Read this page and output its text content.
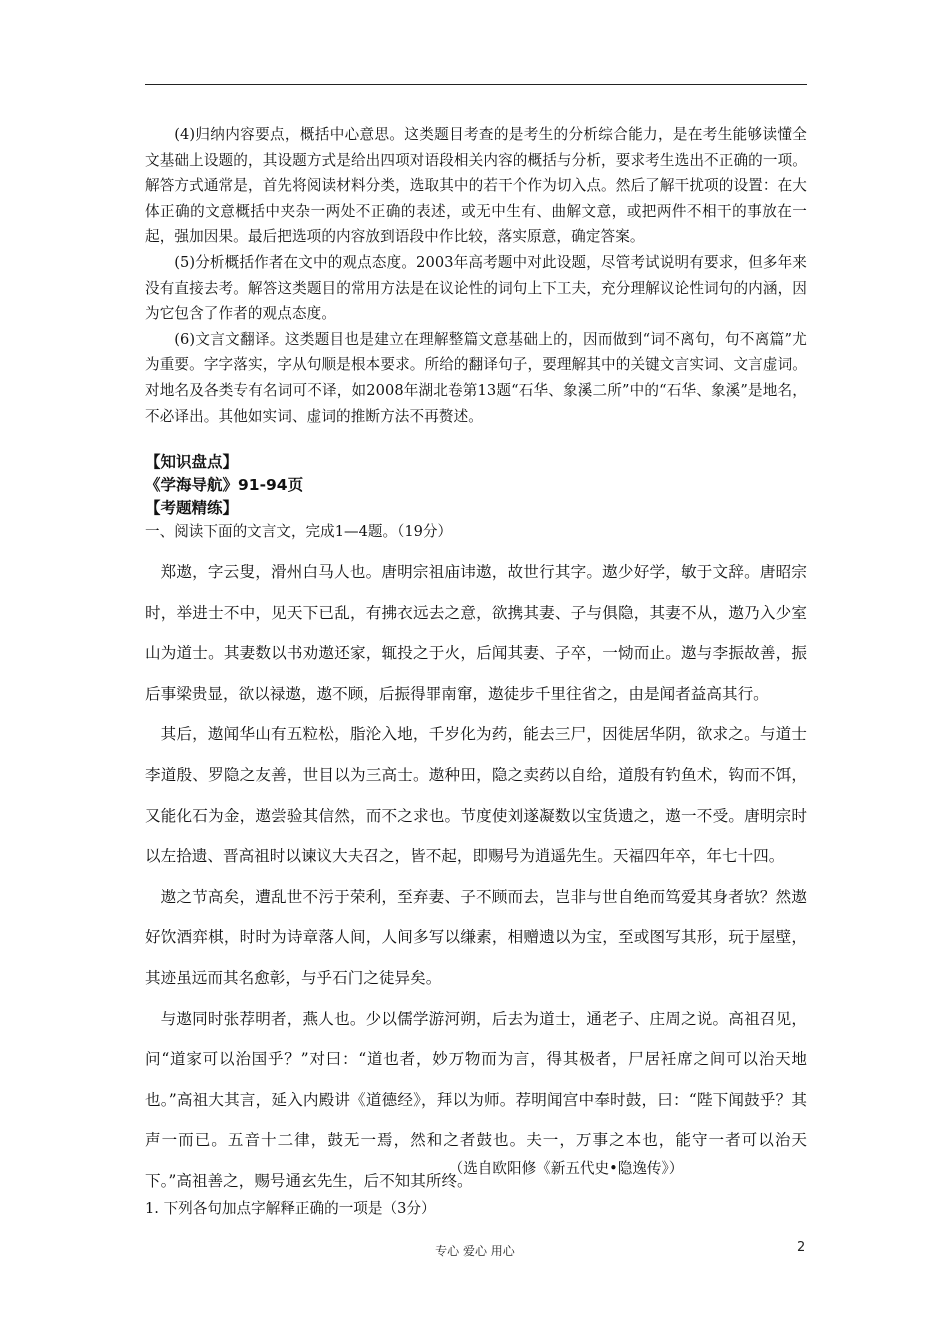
(4)归纳内容要点，概括中心意思。这类题目考查的是考生的分析综合能力，是在考生能够读懂全文基础上设题的，其设题方式是给出四项对语段相关内容的概括与分析，要求考生选出不正确的一项。解答方式通常是，首先将阅读材料分类，选取其中的若干个作为切入点。然后了解干扰项的设置：在大体正确的文意概括中夹杂一两处不正确的表述，或无中生有、曲解文意，或把两件不相干的事放在一起，强加因果。最后把选项的内容放到语段中作比较，落实原意，确定答案。

(5)分析概括作者在文中的观点态度。2003年高考题中对此设题，尽管考试说明有要求，但多年来没有直接去考。解答这类题目的常用方法是在议论性的词句上下工夫，充分理解议论性词句的内涵，因为它包含了作者的观点态度。

(6)文言文翻译。这类题目也是建立在理解整篇文意基础上的，因而做到“词不离句，句不离篇”尤为重要。字字落实，字从句顺是根本要求。所给的翻译句子，要理解其中的关键文言实词、文言虚词。对地名及各类专有名词可不译，如2008年湖北卷第13题“石华、象溪二所”中的“石华、象溪”是地名，不必译出。其他如实词、虚词的推断方法不再赘述。

【知识盘点】

《学海导航》91-94页

【考题精练】

一、阅读下面的文言文，完成1—4题。（19分）

郑遨，字云叟，滑州白马人也。唐明宗祖庙讳遨，故世行其字。遨少好学，敏于文辞。唐昭宗时，举进士不中，见天下已乱，有拂衣远去之意，欲携其妻、子与俱隐，其妻不从，遨乃入少室山为道士。其妻数以书劝遨还家，辄投之于火，后闻其妻、子卒，一恸而止。遨与李振故善，振后事梁贵显，欲以禄遨，遨不顾，后振得罪南窜，遨徒步千里往省之，由是闻者益高其行。

其后，遨闻华山有五粒松，脂沦入地，千岁化为药，能去三尸，因徙居华阴，欲求之。与道士李道殷、罗隐之友善，世目以为三高士。遨种田，隐之卖药以自给，道殷有钓鱼术，钩而不饵，又能化石为金，遨尝验其信然，而不之求也。节度使刘遂凝数以宝货遗之，遨一不受。唐明宗时以左拾遗、晋高祖时以谏议大夫召之，皆不起，即赐号为逍遥先生。天福四年卒，年七十四。

遨之节高矣，遭乱世不污于荣利，至弃妻、子不顾而去，岂非与世自绝而笃爱其身者欤？然遨好饮酒弈棋，时时为诗章落人间，人间多写以缣素，相赠遗以为宝，至或图写其形，玩于屋壁，其迹虽远而其名愈彰，与乎石门之徒异矣。

与遨同时张荐明者，燕人也。少以儒学游河朔，后去为道士，通老子、庄周之说。高祖召见，问“道家可以治国乎？”对曰：“道也者，妙万物而为言，得其极者，尸居衽席之间可以治天地也。”高祖大其言，延入内殿讲《道德经》，拜以为师。荐明闻宫中奉时鼓，曰：“陛下闻鼓乎？其声一而已。五音十二律，鼓无一焉，然和之者鼓也。夫一，万事之本也，能守一者可以治天下。”高祖善之，赐号通玄先生，后不知其所终。

（选自欧阳修《新五代史•隐逸传》）

1. 下列各句加点字解释正确的一项是（3分）

专心 爱心 用心	2
